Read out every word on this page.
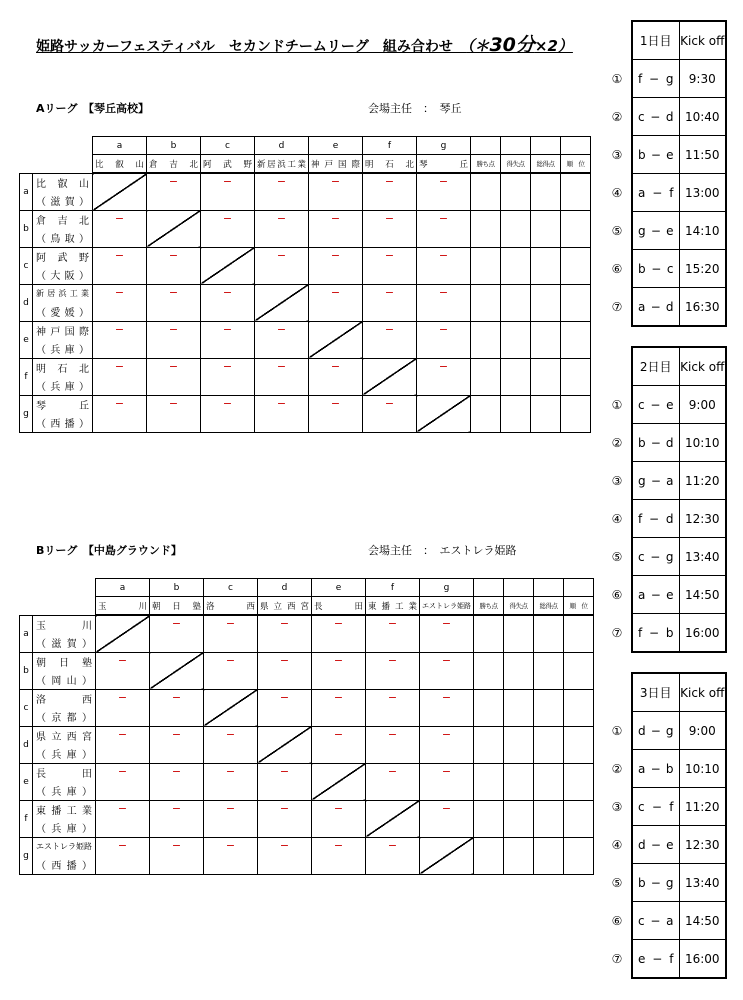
姫路サッカーフェスティバル　セカンドチームリーグ　組み合わせ　（＊30分×2）
Aリーグ　【琴丘高校】	会場主任　：　 琴丘
		a	b	c	d	e	f	g				
		比叡山	倉吉北	阿武野	新居浜工業	神戸国際	明石北	琴丘	勝ち点	得失点	総得点	順　位
a	比叡山		−	−	−	−	−	−				
	（滋賀）											
b	倉吉北	−		−	−	−	−	−				
	（鳥取）											
c	阿武野	−	−		−	−	−	−				
	（大阪）											
d	新居浜工業	−	−	−		−	−	−				
	（愛媛）											
e	神戸国際	−	−	−	−		−	−				
	（兵庫）											
f	明石北	−	−	−	−	−		−				
	（兵庫）											
g	琴丘	−	−	−	−	−	−					
	（西播）											
Bリーグ　【中島グラウンド】	会場主任　：　 エストレラ姫路
		a	b	c	d	e	f	g				
		玉川	朝日塾	洛西	県立西宮	長田	東播工業	エストレラ姫路	勝ち点	得失点	総得点	順　位
a	玉川		−	−	−	−	−	−				
	（滋賀）											
b	朝日塾	−		−	−	−	−	−				
	（岡山）											
c	洛西	−	−		−	−	−	−				
	（京都）											
d	県立西宮	−	−	−		−	−	−				
	（兵庫）											
e	長田	−	−	−	−		−	−				
	（兵庫）											
f	東播工業	−	−	−	−	−		−				
	（兵庫）											
g	エストレラ姫路	−	−	−	−	−	−					
	（西播）											
	1日目	Kick off
①	f − g	9:30
②	c − d	10:40
③	b − e	11:50
④	a − f	13:00
⑤	g − e	14:10
⑥	b − c	15:20
⑦	a − d	16:30
	2日目	Kick off
①	c − e	9:00
②	b − d	10:10
③	g − a	11:20
④	f − d	12:30
⑤	c − g	13:40
⑥	a − e	14:50
⑦	f − b	16:00
	3日目	Kick off
①	d − g	9:00
②	a − b	10:10
③	c − f	11:20
④	d − e	12:30
⑤	b − g	13:40
⑥	c − a	14:50
⑦	e − f	16:00
